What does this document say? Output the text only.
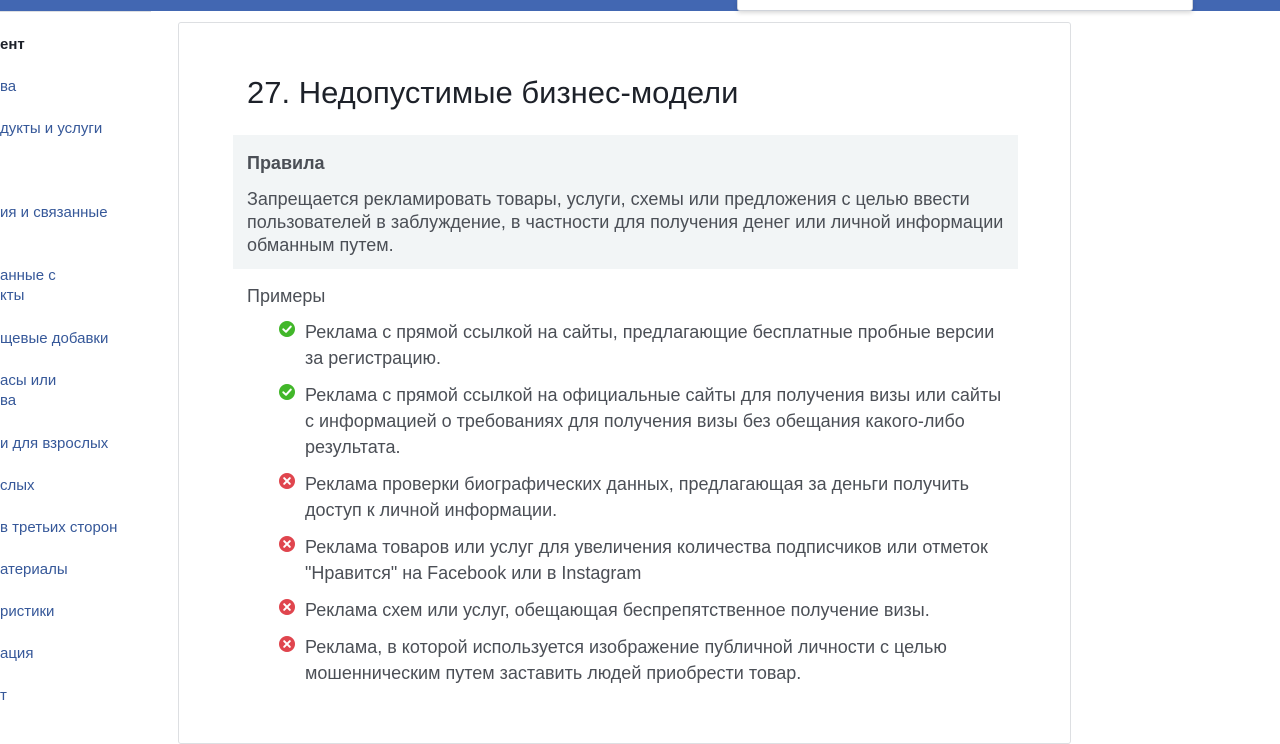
ент
ва
дукты и услуги
ия и связанные
анные с
кты
щевые добавки
асы или
ва
и для взрослых
слых
в третьих сторон
атериалы
ристики
ация
т
27. Недопустимые бизнес-модели
Правила
Запрещается рекламировать товары, услуги, схемы или предложения с целью ввести пользователей в заблуждение, в частности для получения денег или личной информации обманным путем.
Примеры
Реклама с прямой ссылкой на сайты, предлагающие бесплатные пробные версии за регистрацию.
Реклама с прямой ссылкой на официальные сайты для получения визы или сайты с информацией о требованиях для получения визы без обещания какого-либо результата.
Реклама проверки биографических данных, предлагающая за деньги получить доступ к личной информации.
Реклама товаров или услуг для увеличения количества подписчиков или отметок "Нравится" на Facebook или в Instagram
Реклама схем или услуг, обещающая беспрепятственное получение визы.
Реклама, в которой используется изображение публичной личности с целью мошенническим путем заставить людей приобрести товар.
